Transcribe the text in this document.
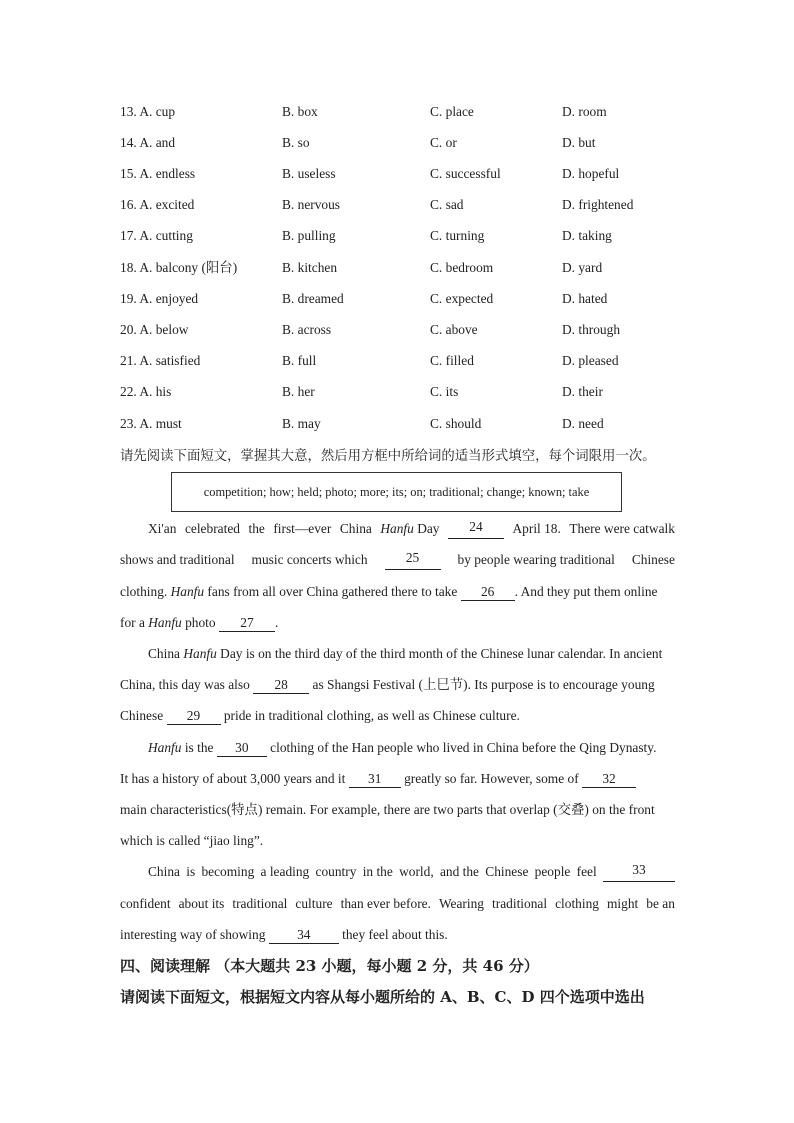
13. A. cup	B. box	C. place	D. room
14. A. and	B. so	C. or	D. but
15. A. endless	B. useless	C. successful	D. hopeful
16. A. excited	B. nervous	C. sad	D. frightened
17. A. cutting	B. pulling	C. turning	D. taking
18. A. balcony (阳台)	B. kitchen	C. bedroom	D. yard
19. A. enjoyed	B. dreamed	C. expected	D. hated
20. A. below	B. across	C. above	D. through
21. A. satisfied	B. full	C. filled	D. pleased
22. A. his	B. her	C. its	D. their
23. A. must	B. may	C. should	D. need
请先阅读下面短文，掌握其大意，然后用方框中所给词的适当形式填空，每个词限用一次。
competition; how; held; photo; more; its; on; traditional; change; known; take
Xi'an celebrated the first—ever China Hanfu Day	24	April 18. There were catwalk
shows and traditional music concerts which	25	by people wearing traditional Chinese
clothing. Hanfu fans from all over China gathered there to take 26 . And they put them online
for a Hanfu photo 27 .
China Hanfu Day is on the third day of the third month of the Chinese lunar calendar. In ancient
China, this day was also 28 as Shangsi Festival (上巳节). Its purpose is to encourage young
Chinese 29 pride in traditional clothing, as well as Chinese culture.
Hanfu is the 30 clothing of the Han people who lived in China before the Qing Dynasty.
It has a history of about 3,000 years and it 31 greatly so far. However, some of 32
main characteristics(特点) remain. For example, there are two parts that overlap (交叠) on the front
which is called “jiao ling”.
China is becoming a leading country in the world, and the Chinese people feel	33
confident about its traditional culture than ever before. Wearing traditional clothing might be an
interesting way of showing 34 they feel about this.
四、阅读理解 （本大题共 23 小题，每小题 2 分，共 46 分）
请阅读下面短文，根据短文内容从每小题所给的 A、B、C、D 四个选项中选出
